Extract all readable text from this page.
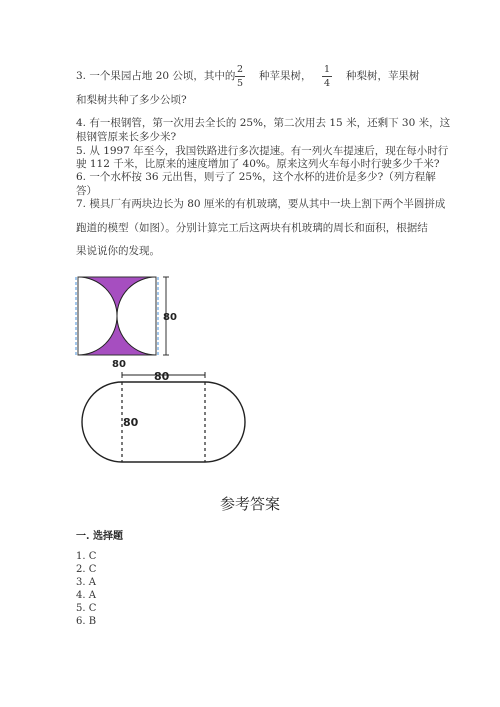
3. 一个果园占地 20 公顷，其中的
2
5
种苹果树，
1
4
种梨树，苹果树
和梨树共种了多少公顷?
4. 有一根钢管，第一次用去全长的 25%，第二次用去 15 米，还剩下 30 米，这
根钢管原来长多少米?
5. 从 1997 年至今，我国铁路进行多次提速。有一列火车提速后，现在每小时行
驶 112 千米，比原来的速度增加了 40%。原来这列火车每小时行驶多少千米?
6. 一个水杯按 36 元出售，则亏了 25%，这个水杯的进价是多少?（列方程解
答）
7. 模具厂有两块边长为 80 厘米的有机玻璃，要从其中一块上割下两个半圆拼成
跑道的模型（如图）。分别计算完工后这两块有机玻璃的周长和面积，根据结
果说说你的发现。
80
80
80
80
参考答案
一. 选择题
1. C
2. C
3. A
4. A
5. C
6. B
